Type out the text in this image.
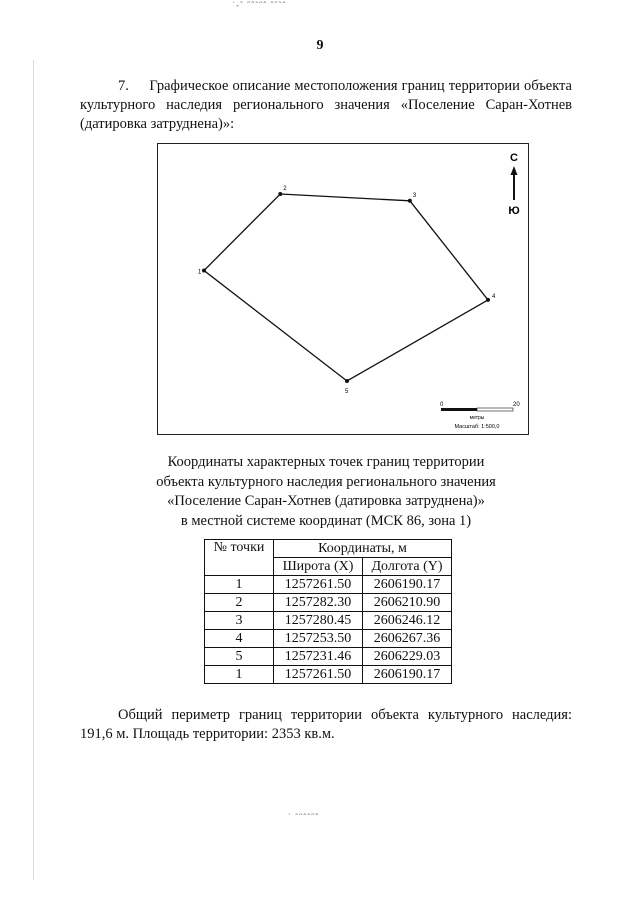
˙‐˜ ˝ˆ˜˝ˆ ˆ˝˜ˆ
˙ ˜˝ˆ˜˝ˆ
9
7. Графическое описание местоположения границ территории объекта культурного наследия регионального значения «Поселение Саран-Хотнев (датировка затруднена)»:
2
3
4
5
1
С
Ю
0	20
метры
Масштаб: 1:500,0
Координаты характерных точек границ территории
объекта культурного наследия регионального значения
«Поселение Саран-Хотнев (датировка затруднена)»
в местной системе координат (МСК 86, зона 1)
№ точки	Координаты, м	
	Широта (X)	Долгота (Y)
1	1257261.50	2606190.17
2	1257282.30	2606210.90
3	1257280.45	2606246.12
4	1257253.50	2606267.36
5	1257231.46	2606229.03
1	1257261.50	2606190.17
Общий периметр границ территории объекта культурного наследия: 191,6 м. Площадь территории: 2353 кв.м.
